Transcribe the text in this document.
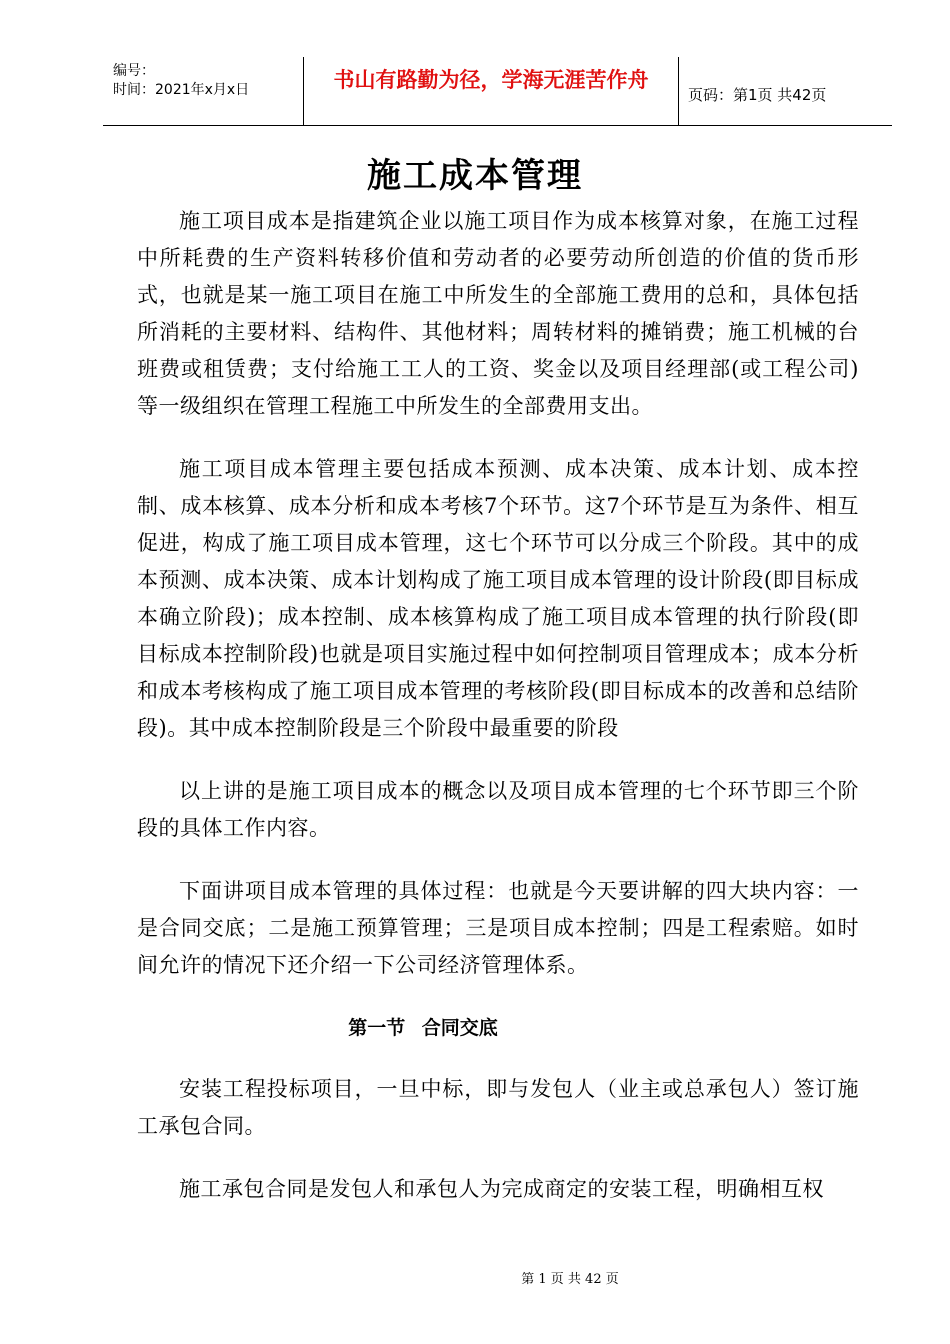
编号：
时间：2021年x月x日	书山有路勤为径，学海无涯苦作舟
页码：第1页 共42页
施工成本管理

施工项目成本是指建筑企业以施工项目作为成本核算对象，在施工过程中所耗费的生产资料转移价值和劳动者的必要劳动所创造的价值的货币形式，也就是某一施工项目在施工中所发生的全部施工费用的总和，具体包括所消耗的主要材料、结构件、其他材料；周转材料的摊销费；施工机械的台班费或租赁费；支付给施工工人的工资、奖金以及项目经理部(或工程公司)等一级组织在管理工程施工中所发生的全部费用支出。

施工项目成本管理主要包括成本预测、成本决策、成本计划、成本控制、成本核算、成本分析和成本考核7个环节。这7个环节是互为条件、相互促进，构成了施工项目成本管理，这七个环节可以分成三个阶段。其中的成本预测、成本决策、成本计划构成了施工项目成本管理的设计阶段(即目标成本确立阶段)；成本控制、成本核算构成了施工项目成本管理的执行阶段(即目标成本控制阶段)也就是项目实施过程中如何控制项目管理成本；成本分析和成本考核构成了施工项目成本管理的考核阶段(即目标成本的改善和总结阶段)。其中成本控制阶段是三个阶段中最重要的阶段

以上讲的是施工项目成本的概念以及项目成本管理的七个环节即三个阶段的具体工作内容。

下面讲项目成本管理的具体过程：也就是今天要讲解的四大块内容：一是合同交底；二是施工预算管理；三是项目成本控制；四是工程索赔。如时间允许的情况下还介绍一下公司经济管理体系。

第一节 合同交底

安装工程投标项目，一旦中标，即与发包人（业主或总承包人）签订施工承包合同。

施工承包合同是发包人和承包人为完成商定的安装工程，明确相互权

第 1 页 共 42 页
